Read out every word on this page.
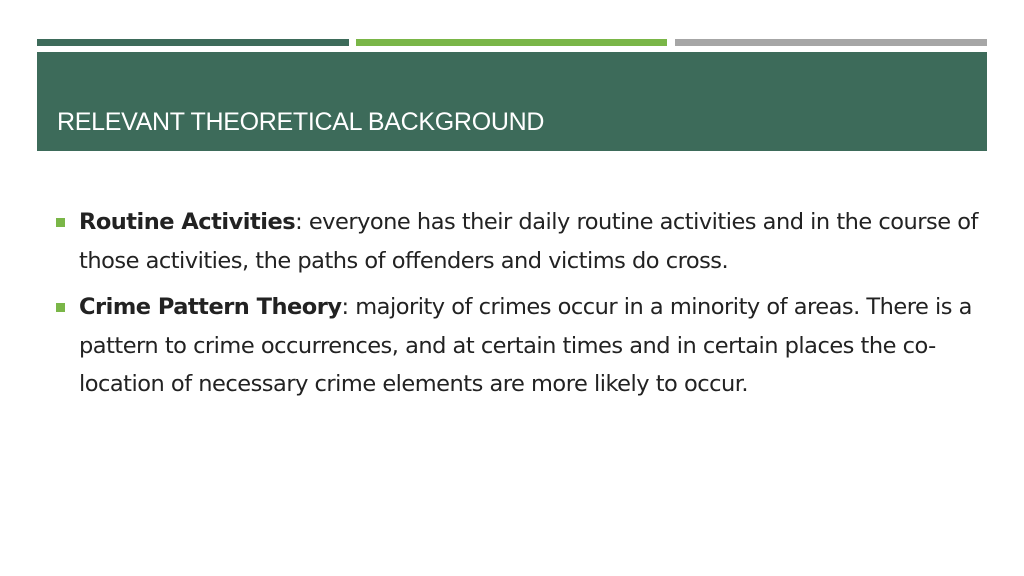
RELEVANT THEORETICAL BACKGROUND
Routine Activities: everyone has their daily routine activities and in the course of those activities, the paths of offenders and victims do cross.
Crime Pattern Theory: majority of crimes occur in a minority of areas. There is a pattern to crime occurrences, and at certain times and in certain places the co-location of necessary crime elements are more likely to occur.
